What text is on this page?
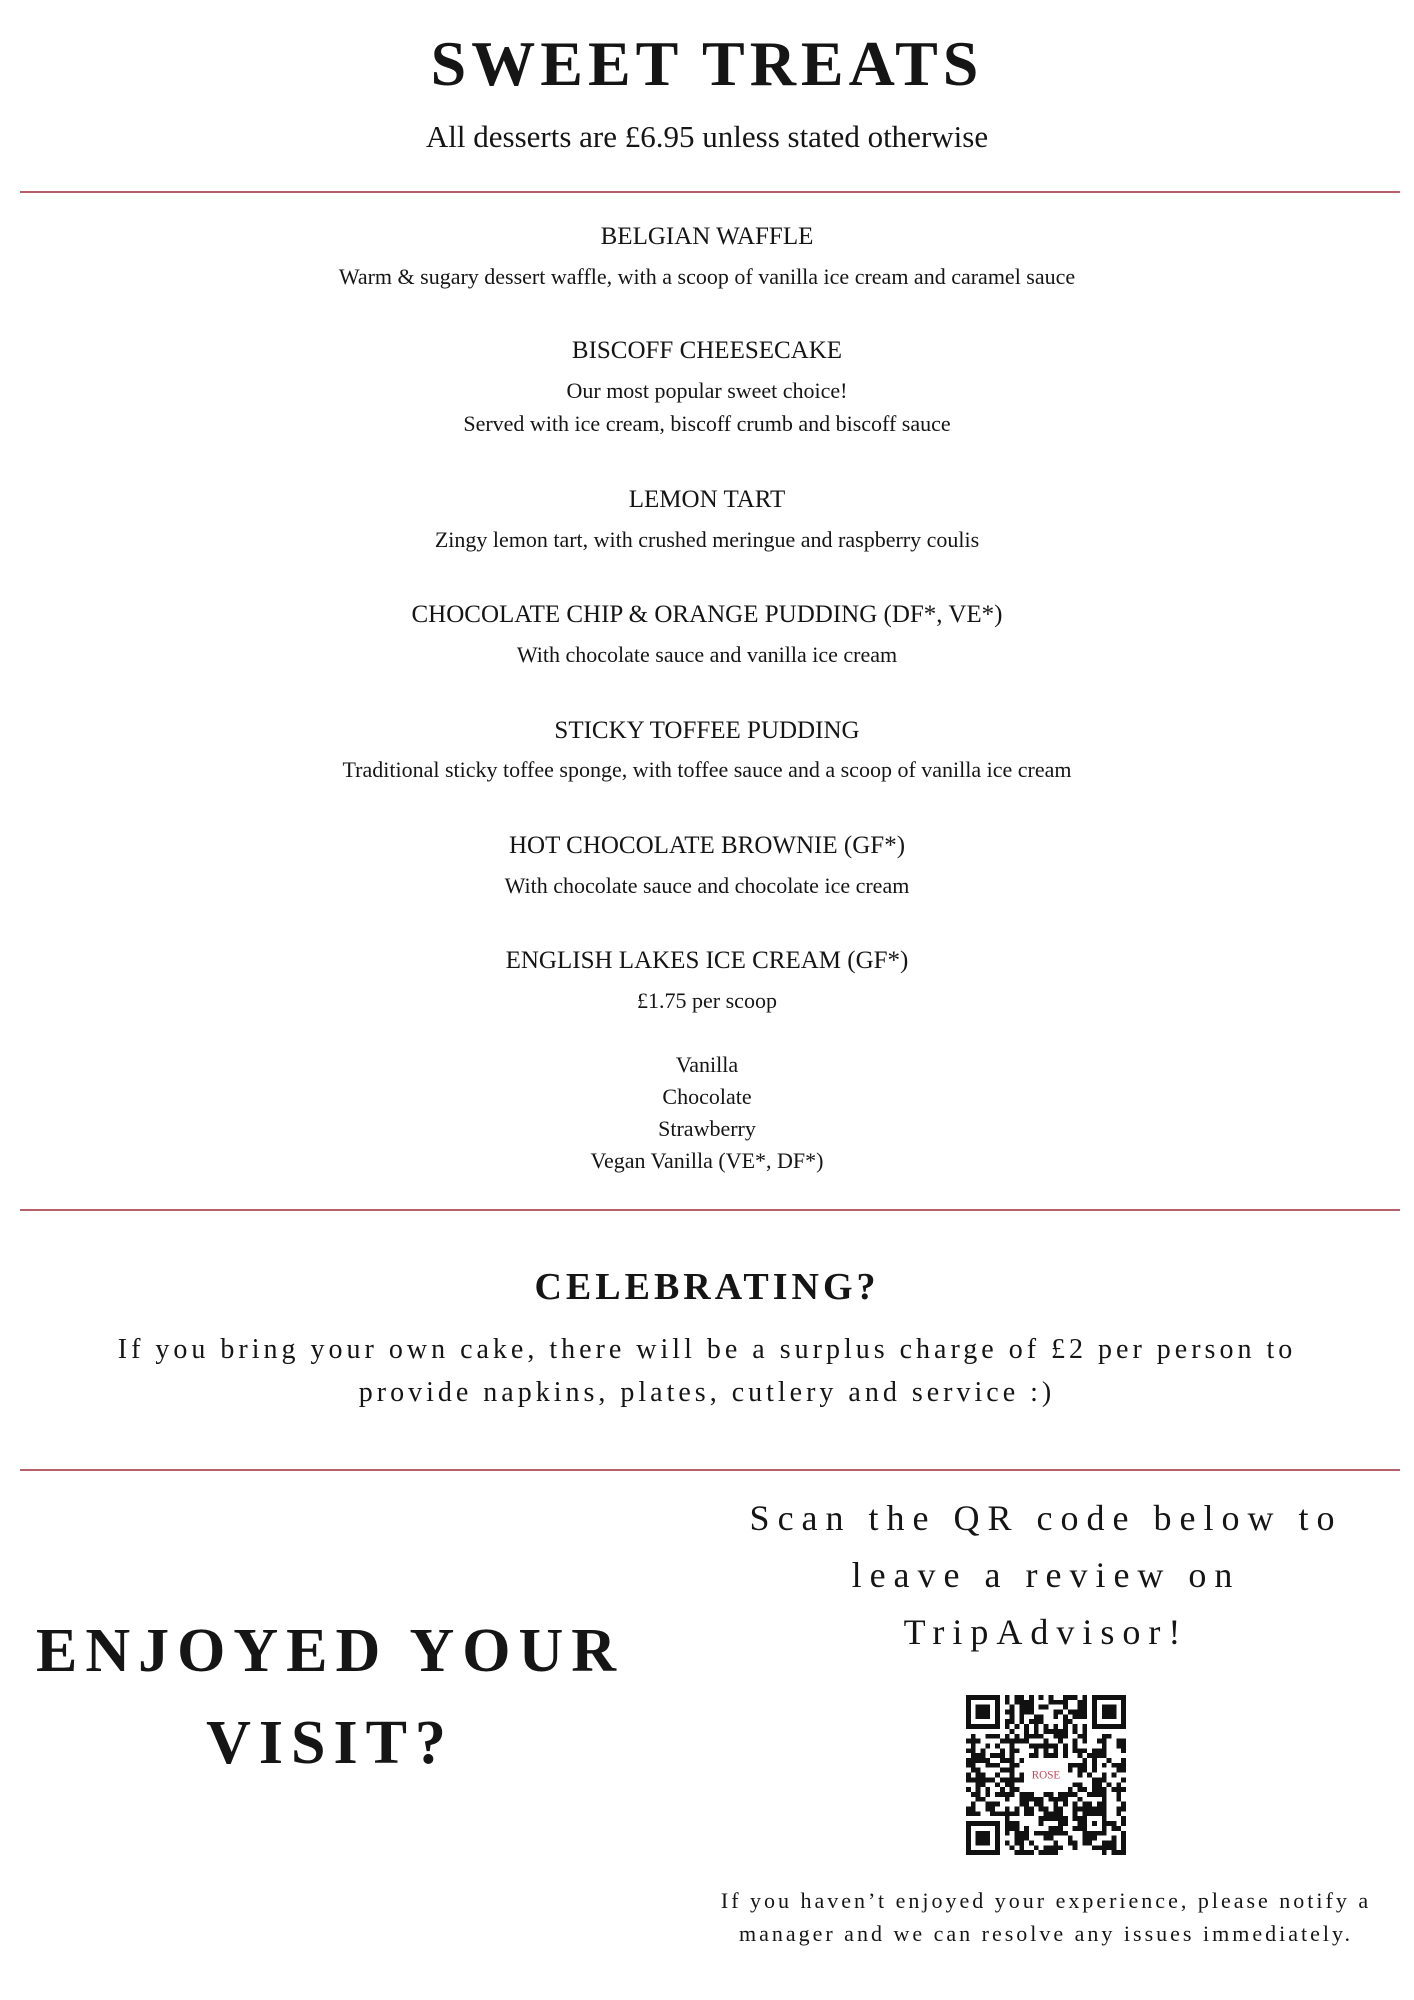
SWEET TREATS
All desserts are £6.95 unless stated otherwise
BELGIAN WAFFLE
Warm & sugary dessert waffle, with a scoop of vanilla ice cream and caramel sauce
BISCOFF CHEESECAKE
Our most popular sweet choice!
Served with ice cream, biscoff crumb and biscoff sauce
LEMON TART
Zingy lemon tart, with crushed meringue and raspberry coulis
CHOCOLATE CHIP & ORANGE PUDDING (DF*, VE*)
With chocolate sauce and vanilla ice cream
STICKY TOFFEE PUDDING
Traditional sticky toffee sponge, with toffee sauce and a scoop of vanilla ice cream
HOT CHOCOLATE BROWNIE (GF*)
With chocolate sauce and chocolate ice cream
ENGLISH LAKES ICE CREAM (GF*)
£1.75 per scoop
Vanilla
Chocolate
Strawberry
Vegan Vanilla (VE*, DF*)
CELEBRATING?
If you bring your own cake, there will be a surplus charge of £2 per person to provide napkins, plates, cutlery and service :)
ENJOYED YOUR VISIT?
Scan the QR code below to leave a review on TripAdvisor!
ROSE
If you haven’t enjoyed your experience, please notify a manager and we can resolve any issues immediately.
